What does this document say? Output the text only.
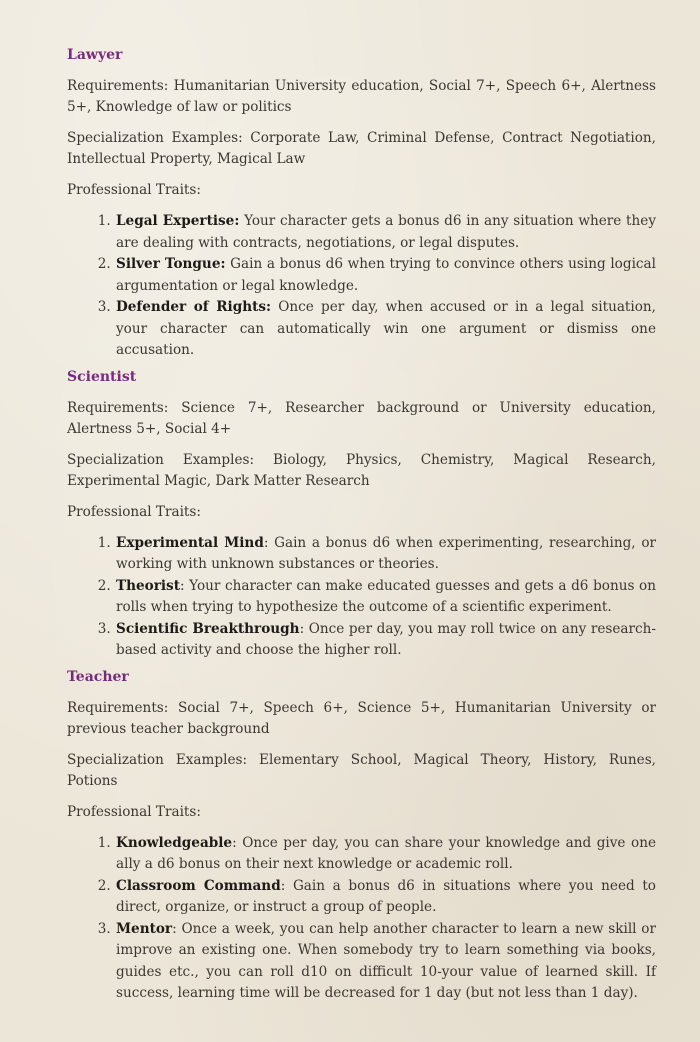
Lawyer

Requirements: Humanitarian University education, Social 7+, Speech 6+, Alertness 5+, Knowledge of law or politics

Specialization Examples: Corporate Law, Criminal Defense, Contract Negotiation, Intellectual Property, Magical Law

Professional Traits:

1. Legal Expertise: Your character gets a bonus d6 in any situation where they are dealing with contracts, negotiations, or legal disputes.
2. Silver Tongue: Gain a bonus d6 when trying to convince others using logical argumentation or legal knowledge.
3. Defender of Rights: Once per day, when accused or in a legal situation, your character can automatically win one argument or dismiss one accusation.
Scientist

Requirements: Science 7+, Researcher background or University education, Alertness 5+, Social 4+

Specialization Examples: Biology, Physics, Chemistry, Magical Research, Experimental Magic, Dark Matter Research

Professional Traits:

1. Experimental Mind: Gain a bonus d6 when experimenting, researching, or working with unknown substances or theories.
2. Theorist: Your character can make educated guesses and gets a d6 bonus on rolls when trying to hypothesize the outcome of a scientific experiment.
3. Scientific Breakthrough: Once per day, you may roll twice on any research-based activity and choose the higher roll.
Teacher

Requirements: Social 7+, Speech 6+, Science 5+, Humanitarian University or previous teacher background

Specialization Examples: Elementary School, Magical Theory, History, Runes, Potions

Professional Traits:

1. Knowledgeable: Once per day, you can share your knowledge and give one ally a d6 bonus on their next knowledge or academic roll.
2. Classroom Command: Gain a bonus d6 in situations where you need to direct, organize, or instruct a group of people.
3. Mentor: Once a week, you can help another character to learn a new skill or improve an existing one. When somebody try to learn something via books, guides etc., you can roll d10 on difficult 10-your value of learned skill. If success, learning time will be decreased for 1 day (but not less than 1 day).
